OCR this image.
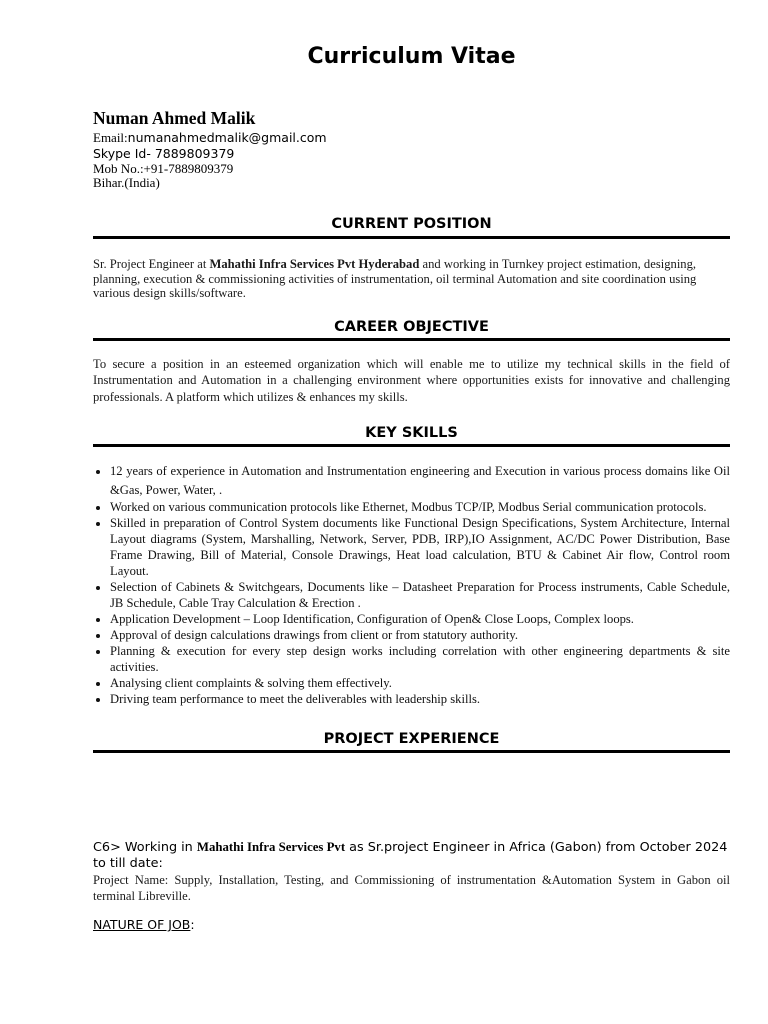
Curriculum Vitae
Numan Ahmed Malik
Email:numanahmedmalik@gmail.com
Skype Id- 7889809379
Mob No.:+91-7889809379
Bihar.(India)
CURRENT POSITION
Sr. Project Engineer at Mahathi Infra Services Pvt Hyderabad and working in Turnkey project estimation, designing, planning, execution & commissioning activities of instrumentation, oil terminal Automation and site coordination using various design skills/software.
CAREER OBJECTIVE
To secure a position in an esteemed organization which will enable me to utilize my technical skills in the field of Instrumentation and Automation in a challenging environment where opportunities exists for innovative and challenging professionals. A platform which utilizes & enhances my skills.
KEY SKILLS
• 12 years of experience in Automation and Instrumentation engineering and Execution in various process domains like Oil &Gas, Power, Water, .
• Worked on various communication protocols like Ethernet, Modbus TCP/IP, Modbus Serial communication protocols.
• Skilled in preparation of Control System documents like Functional Design Specifications, System Architecture, Internal Layout diagrams (System, Marshalling, Network, Server, PDB, IRP),IO Assignment, AC/DC Power Distribution, Base Frame Drawing, Bill of Material, Console Drawings, Heat load calculation, BTU & Cabinet Air flow, Control room Layout.
• Selection of Cabinets & Switchgears, Documents like – Datasheet Preparation for Process instruments, Cable Schedule, JB Schedule, Cable Tray Calculation & Erection .
• Application Development – Loop Identification, Configuration of Open& Close Loops, Complex loops.
• Approval of design calculations drawings from client or from statutory authority.
• Planning & execution for every step design works including correlation with other engineering departments & site activities.
• Analysing client complaints & solving them effectively.
• Driving team performance to meet the deliverables with leadership skills.
PROJECT EXPERIENCE
C6> Working in Mahathi Infra Services Pvt as Sr.project Engineer in Africa (Gabon) from October 2024 to till date:
Project Name: Supply, Installation, Testing, and Commissioning of instrumentation &Automation System in Gabon oil terminal Libreville.
NATURE OF JOB:
